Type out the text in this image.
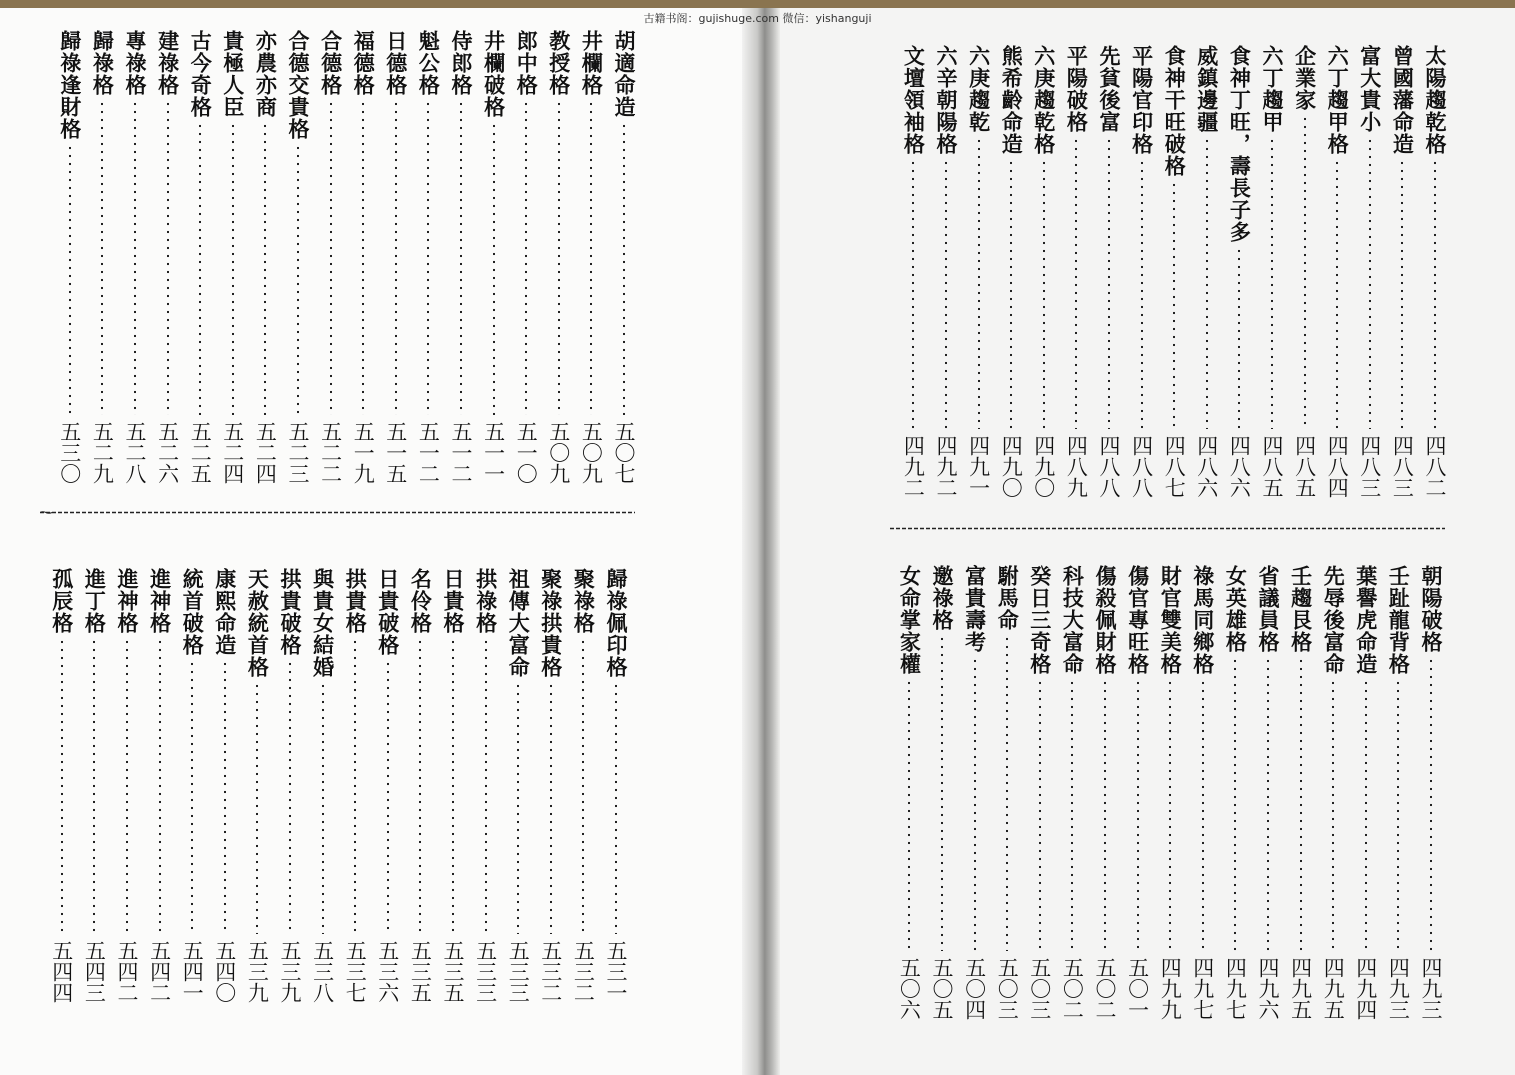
古籍书阁：gujishuge.com 微信：yishanguji
胡適命造
五〇七
井欄格
五〇九
教授格
五〇九
郎中格
五一〇
井欄破格
五一一
侍郎格
五一二
魁公格
五一二
日德格
五一五
福德格
五一九
合德格
五二二
合德交貴格
五二三
亦農亦商
五二四
貴極人臣
五二四
古今奇格
五二五
建祿格
五二六
專祿格
五二八
歸祿格
五二九
歸祿逢財格
五三〇
歸祿佩印格
五三一
聚祿格
五三二
聚祿拱貴格
五三二
祖傳大富命
五三三
拱祿格
五三三
日貴格
五三五
名伶格
五三五
日貴破格
五三六
拱貴格
五三七
與貴女結婚
五三八
拱貴破格
五三九
天赦統首格
五三九
康熙命造
五四〇
統首破格
五四一
進神格
五四二
進神格
五四二
進丁格
五四三
孤辰格
五四四
太陽趨乾格
四八二
曾國藩命造
四八三
富大貴小
四八三
六丁趨甲格
四八四
企業家
四八五
六丁趨甲
四八五
食神丁旺，壽長子多
四八六
威鎮邊疆
四八六
食神干旺破格
四八七
平陽官印格
四八八
先貧後富
四八八
平陽破格
四八九
六庚趨乾格
四九〇
熊希齡命造
四九〇
六庚趨乾
四九一
六辛朝陽格
四九二
文壇領袖格
四九二
朝陽破格
四九三
壬趾龍背格
四九三
葉譽虎命造
四九四
先辱後富命
四九五
壬趨艮格
四九五
省議員格
四九六
女英雄格
四九七
祿馬同鄉格
四九七
財官雙美格
四九九
傷官專旺格
五〇一
傷殺佩財格
五〇二
科技大富命
五〇二
癸日三奇格
五〇三
駙馬命
五〇三
富貴壽考
五〇四
邀祿格
五〇五
女命掌家權
五〇六
